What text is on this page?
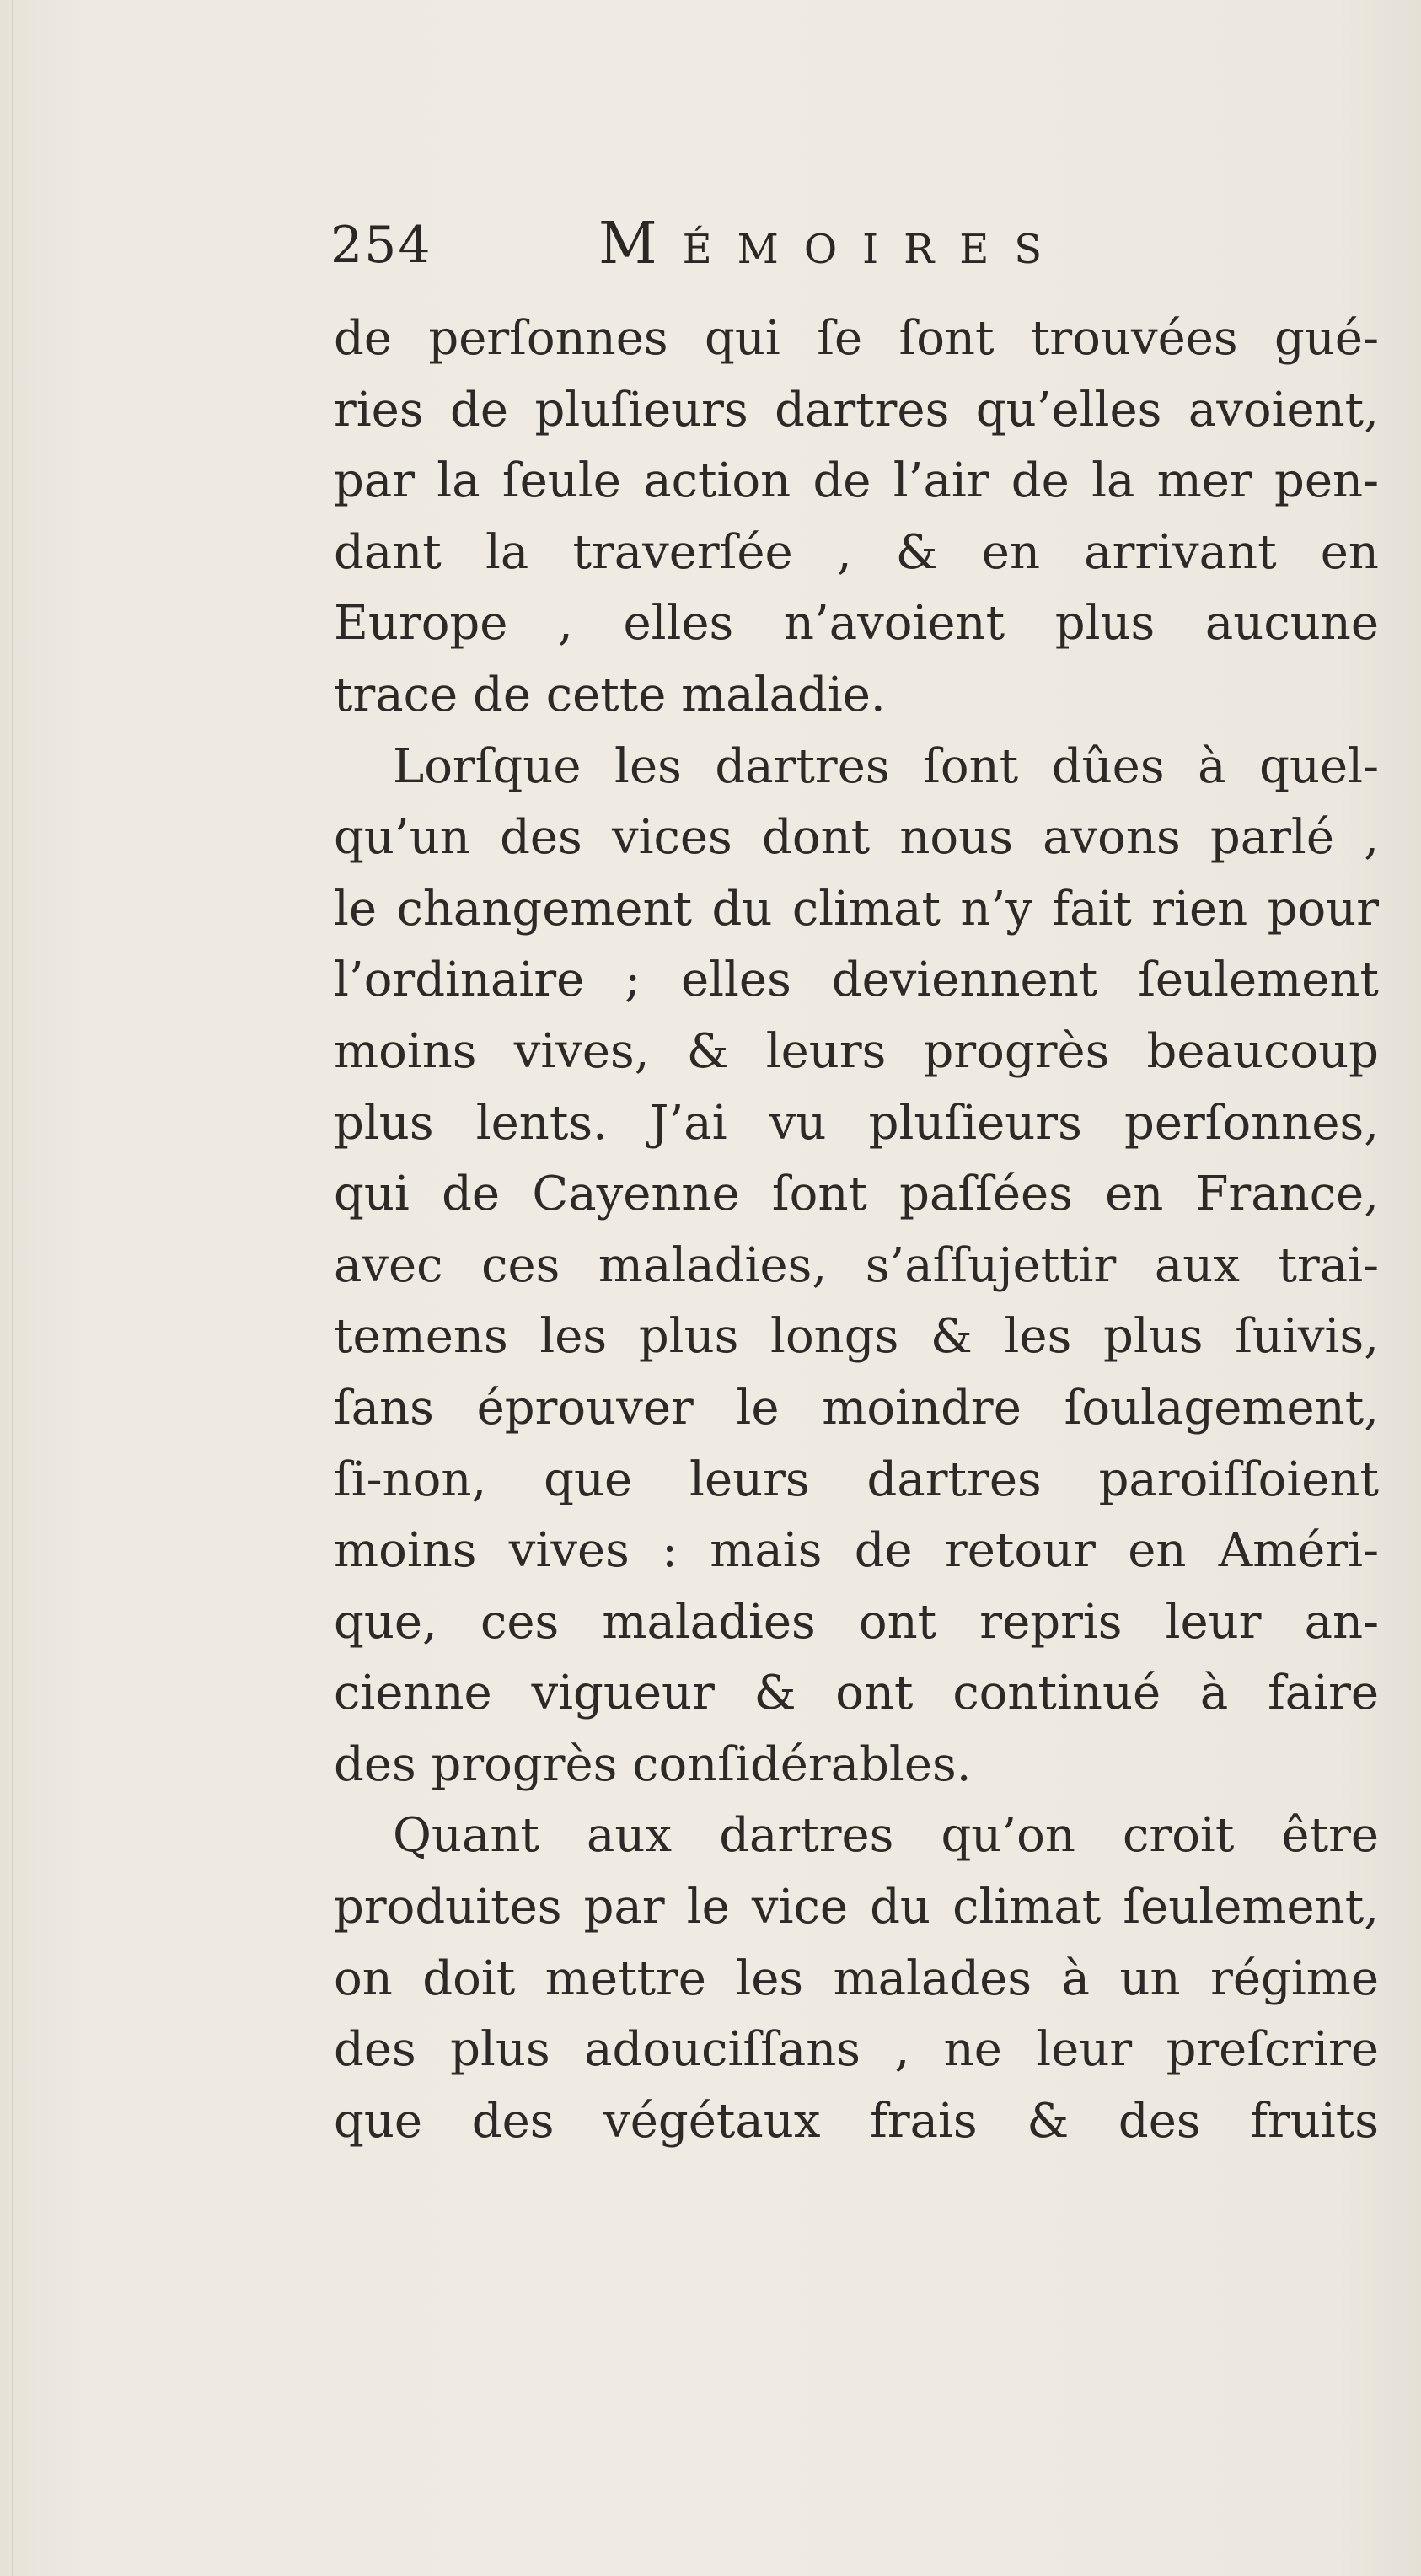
254	Mémoires
de perſonnes qui ſe ſont trouvées gué-
ries de pluſieurs dartres qu’elles avoient,
par la ſeule action de l’air de la mer pen-
dant la traverſée , & en arrivant en
Europe , elles n’avoient plus aucune
trace de cette maladie.
Lorſque les dartres ſont dûes à quel-
qu’un des vices dont nous avons parlé ,
le changement du climat n’y fait rien pour
l’ordinaire ; elles deviennent ſeulement
moins vives, & leurs progrès beaucoup
plus lents. J’ai vu pluſieurs perſonnes,
qui de Cayenne ſont paſſées en France,
avec ces maladies, s’aſſujettir aux trai-
temens les plus longs & les plus ſuivis,
ſans éprouver le moindre ſoulagement,
ſi-non, que leurs dartres paroiſſoient
moins vives : mais de retour en Améri-
que, ces maladies ont repris leur an-
cienne vigueur & ont continué à faire
des progrès conſidérables.
Quant aux dartres qu’on croit être
produites par le vice du climat ſeulement,
on doit mettre les malades à un régime
des plus adouciſſans , ne leur preſcrire
que des végétaux frais & des fruits
